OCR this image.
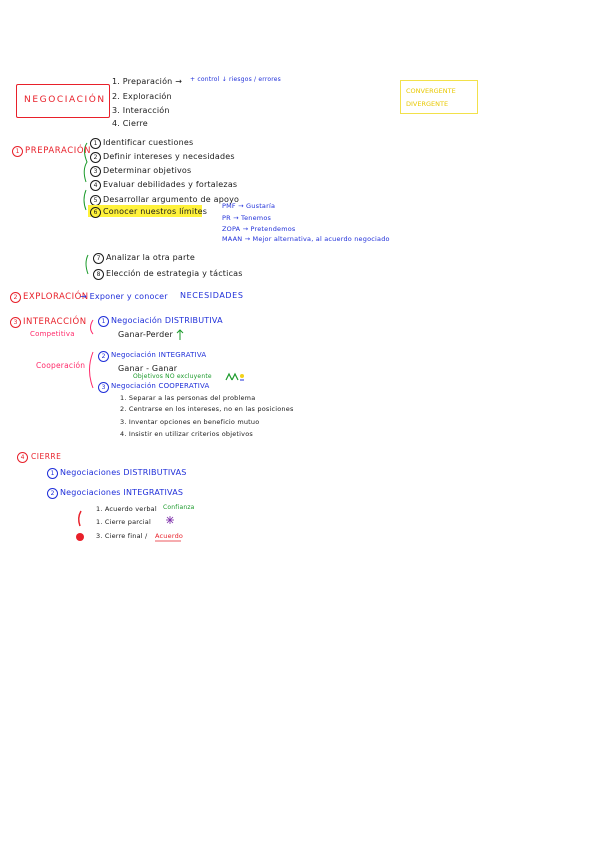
NEGOCIACIÓN
1. Preparación → + control ↓ riesgos / errores
2. Exploración
3. Interacción
4. Cierre
CONVERGENTE
DIVERGENTE
1 PREPARACIÓN
1 Identificar cuestiones
2 Definir intereses y necesidades
3 Determinar objetivos
4 Evaluar debilidades y fortalezas
5 Desarrollar argumento de apoyo
6 Conocer nuestros límites
PMF → Gustaría
PR → Tenemos
ZOPA → Pretendemos
MAAN → Mejor alternativa, al acuerdo negociado
7 Analizar la otra parte
8 Elección de estrategia y tácticas
2 EXPLORACIÓN
→ Exponer y conocer NECESIDADES
3 INTERACCIÓN
Competitiva
1 Negociación DISTRIBUTIVA
Ganar-Perder
Cooperación
2 Negociación INTEGRATIVA
Ganar - Ganar
Objetivos NO excluyente
3 Negociación COOPERATIVA
1. Separar a las personas del problema
2. Centrarse en los intereses, no en las posiciones
3. Inventar opciones en beneficio mutuo
4. Insistir en utilizar criterios objetivos
4 CIERRE
1 Negociaciones DISTRIBUTIVAS
2 Negociaciones INTEGRATIVAS
1. Acuerdo verbal Confianza
1. Cierre parcial
3. Cierre final / Acuerdo
